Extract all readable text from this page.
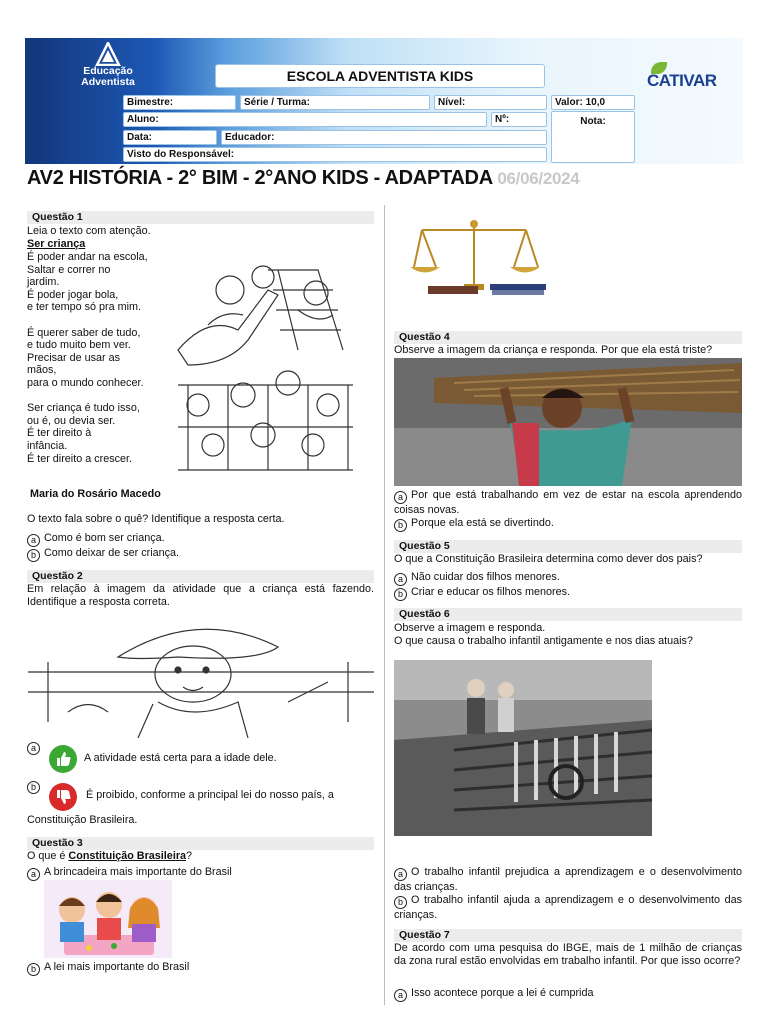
Educação
Adventista	ESCOLA ADVENTISTA KIDS	CATIVAR
Bimestre:	Série / Turma:	Nível:	Valor: 10,0
Aluno:	Nº:	Nota:
Data:	Educador:
Visto do Responsável:
AV2 HISTÓRIA - 2° BIM - 2°ANO KIDS - ADAPTADA 06/06/2024
Questão 1
Leia o texto com atenção.
Ser criança
É poder andar na escola,
Saltar e correr no
jardim.
É poder jogar bola,
e ter tempo só pra mim.
É querer saber de tudo,
e tudo muito bem ver.
Precisar de usar as
mãos,
para o mundo conhecer.
Ser criança é tudo isso,
ou é, ou devia ser.
É ter direito à
infância.
É ter direito a crescer.
Maria do Rosário Macedo
O texto fala sobre o quê? Identifique a resposta certa.
a Como é bom ser criança.
b Como deixar de ser criança.
Questão 2
Em relação à imagem da atividade que a criança está fazendo. Identifique a resposta correta.
a
A atividade está certa para a idade dele.
b
É proibido, conforme a principal lei do nosso país, a
Constituição Brasileira.
Questão 3
O que é Constituição Brasileira?
a A brincadeira mais importante do Brasil
b A lei mais importante do Brasil
Questão 4
Observe a imagem da criança e responda. Por que ela está triste?
a Por que está trabalhando em vez de estar na escola aprendendo coisas novas.
b Porque ela está se divertindo.
Questão 5
O que a Constituição Brasileira determina como dever dos pais?
a Não cuidar dos filhos menores.
b Criar e educar os filhos menores.
Questão 6
Observe a imagem e responda.
O que causa o trabalho infantil antigamente e nos dias atuais?
a O trabalho infantil prejudica a aprendizagem e o desenvolvimento das crianças.
b O trabalho infantil ajuda a aprendizagem e o desenvolvimento das crianças.
Questão 7
De acordo com uma pesquisa do IBGE, mais de 1 milhão de crianças da zona rural estão envolvidas em trabalho infantil. Por que isso ocorre?
a Isso acontece porque a lei é cumprida
